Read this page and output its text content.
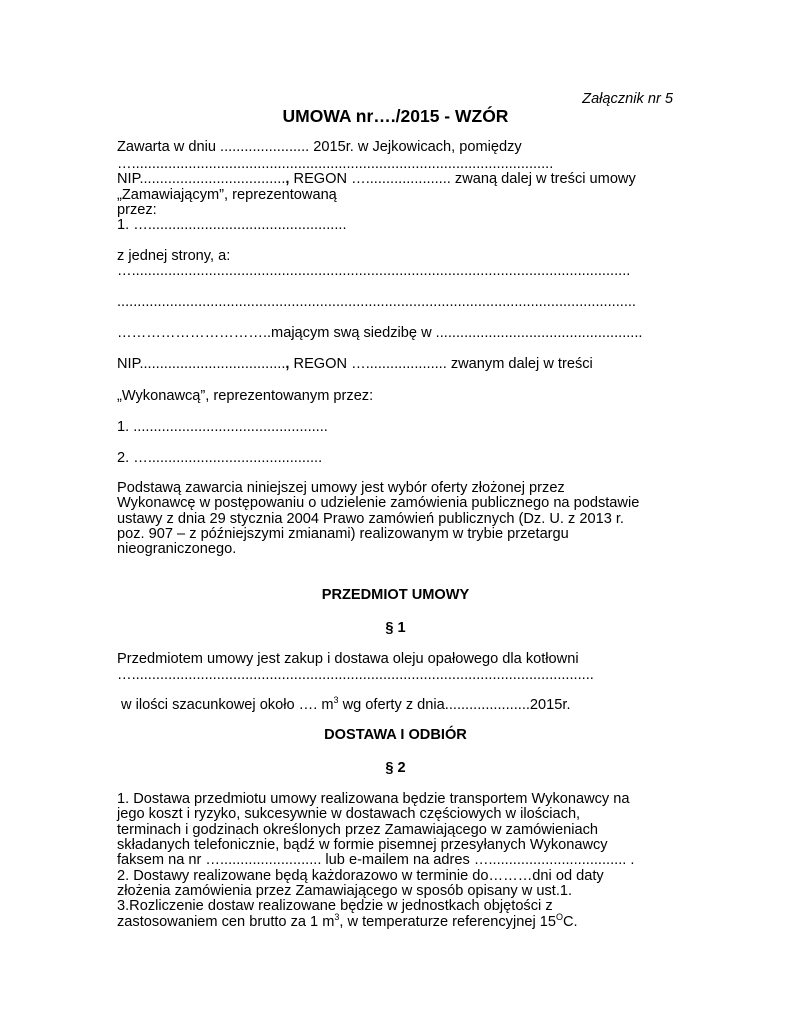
Załącznik nr 5
UMOWA nr…./2015 - WZÓR
Zawarta w dniu ...................... 2015r. w Jejkowicach, pomiędzy
…........................................................................................................
NIP...................................., REGON …..................... zwaną dalej w treści umowy
„Zamawiającym”, reprezentowaną
przez:
1. ….................................................
z jednej strony, a:
…...........................................................................................................................
................................................................................................................................
…………………………..mającym swą siedzibę w ...................................................
NIP...................................., REGON ….................... zwanym dalej w treści
„Wykonawcą”, reprezentowanym przez:
1. ................................................
2. …...........................................
Podstawą zawarcia niniejszej umowy jest wybór oferty złożonej przez
Wykonawcę w postępowaniu o udzielenie zamówienia publicznego na podstawie
ustawy z dnia 29 stycznia 2004 Prawo zamówień publicznych (Dz. U. z 2013 r.
poz. 907 – z późniejszymi zmianami) realizowanym w trybie przetargu
nieograniczonego.
PRZEDMIOT UMOWY
§ 1
Przedmiotem umowy jest zakup i dostawa oleju opałowego dla kotłowni
…..................................................................................................................
w ilości szacunkowej około …. $m^3$ wg oferty z dnia.....................2015r.
DOSTAWA I ODBIÓR
§ 2
1. Dostawa przedmiotu umowy realizowana będzie transportem Wykonawcy na
jego koszt i ryzyko, sukcesywnie w dostawach częściowych w ilościach,
terminach i godzinach określonych przez Zamawiającego w zamówieniach
składanych telefonicznie, bądź w formie pisemnej przesyłanych Wykonawcy
faksem na nr …......................... lub e-mailem na adres ….................................. .
2. Dostawy realizowane będą każdorazowo w terminie do………dni od daty
złożenia zamówienia przez Zamawiającego w sposób opisany w ust.1.
3.Rozliczenie dostaw realizowane będzie w jednostkach objętości z
zastosowaniem cen brutto za 1 $m^3$, w temperaturze referencyjnej $15^OC$.
